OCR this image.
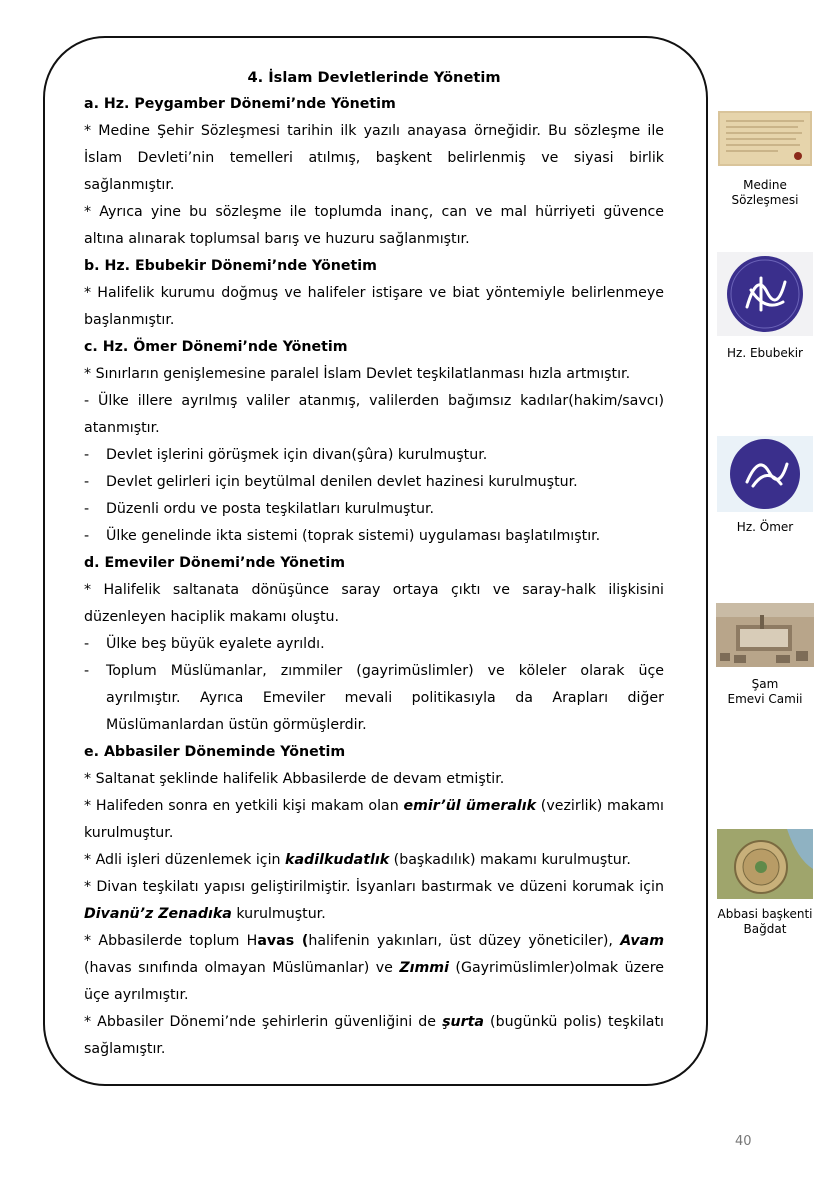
4. İslam Devletlerinde Yönetim
a. Hz. Peygamber Dönemi’nde Yönetim
* Medine Şehir Sözleşmesi tarihin ilk yazılı anayasa örneğidir. Bu sözleşme ile İslam Devleti’nin temelleri atılmış, başkent belirlenmiş ve siyasi birlik sağlanmıştır.
* Ayrıca yine bu sözleşme ile toplumda inanç, can ve mal hürriyeti güvence altına alınarak toplumsal barış ve huzuru sağlanmıştır.
b. Hz. Ebubekir Dönemi’nde Yönetim
* Halifelik kurumu doğmuş ve halifeler istişare ve biat yöntemiyle belirlenmeye başlanmıştır.
c. Hz. Ömer Dönemi’nde Yönetim
* Sınırların genişlemesine paralel İslam Devlet teşkilatlanması hızla artmıştır.
- Ülke illere ayrılmış valiler atanmış, valilerden bağımsız kadılar(hakim/savcı) atanmıştır.
-	Devlet işlerini görüşmek için divan(şûra) kurulmuştur.
-	Devlet gelirleri için beytülmal denilen devlet hazinesi kurulmuştur.
-	Düzenli ordu ve posta teşkilatları kurulmuştur.
-	Ülke genelinde ikta sistemi (toprak sistemi) uygulaması başlatılmıştır.
d. Emeviler Dönemi’nde Yönetim
* Halifelik saltanata dönüşünce saray ortaya çıktı ve saray-halk ilişkisini düzenleyen haciplik makamı oluştu.
-	Ülke beş büyük eyalete ayrıldı.
-	Toplum Müslümanlar, zımmiler (gayrimüslimler) ve köleler olarak üçe ayrılmıştır. Ayrıca Emeviler mevali politikasıyla da Arapları diğer Müslümanlardan üstün görmüşlerdir.
e. Abbasiler Döneminde Yönetim
* Saltanat şeklinde halifelik Abbasilerde de devam etmiştir.
* Halifeden sonra en yetkili kişi makam olan emir’ül ümeralık (vezirlik) makamı kurulmuştur.
* Adli işleri düzenlemek için kadilkudatlık (başkadılık) makamı kurulmuştur.
* Divan teşkilatı yapısı geliştirilmiştir. İsyanları bastırmak ve düzeni korumak için Divanü’z Zenadıka kurulmuştur.
* Abbasilerde toplum Havas (halifenin yakınları, üst düzey yöneticiler), Avam (havas sınıfında olmayan Müslümanlar) ve Zımmi (Gayrimüslimler)olmak üzere üçe ayrılmıştır.
* Abbasiler Dönemi’nde şehirlerin güvenliğini de şurta (bugünkü polis) teşkilatı sağlamıştır.
Medine
Sözleşmesi
Hz. Ebubekir
Hz. Ömer
Şam
Emevi Camii
Abbasi başkenti
Bağdat
40
